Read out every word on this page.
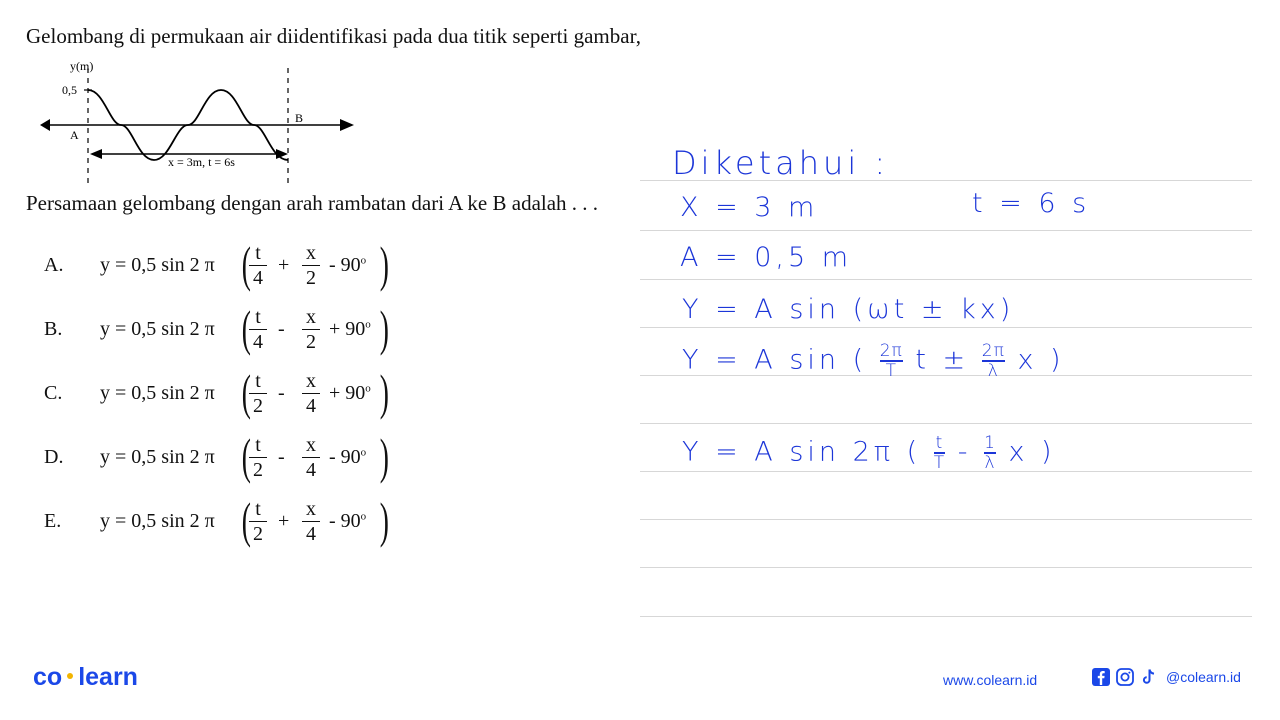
Gelombang di permukaan air diidentifikasi pada dua titik seperti gambar,
y(m)
0,5
A
B
x = 3m, t = 6s
Persamaan gelombang dengan arah rambatan dari A ke B adalah . . .
A. y = 0,5 sin 2 π (
$\frac{t}{4} + \frac{x}{2} - 90^o$ )
B. y = 0,5 sin 2 π (
$\frac{t}{4} - \frac{x}{2} + 90^o$ )
C. y = 0,5 sin 2 π (
$\frac{t}{2} - \frac{x}{4} + 90^o$ )
D. y = 0,5 sin 2 π (
$\frac{t}{2} - \frac{x}{4} - 90^o$ )
E. y = 0,5 sin 2 π (
$\frac{t}{2} + \frac{x}{4} - 90^o$ )
Diketahui :
X = 3 m	t = 6 s
A = 0,5 m
Y = A sin (ωt ± kx)
Y = A sin ( $\frac{2\pi}{T}$ $t \pm \frac{2\pi}{\lambda}$ x )
Y = A sin 2π ( $\frac{t}{T} - \frac{1}{\lambda}$ x )
co learn	www.colearn.id	@colearn.id
